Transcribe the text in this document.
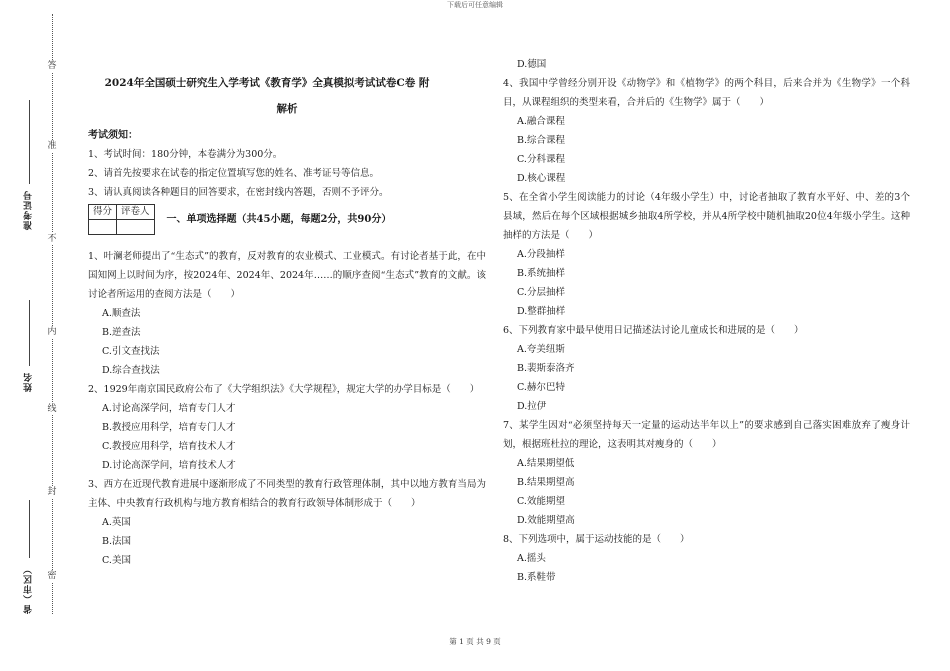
下载后可任意编辑
答
准
不
内
线
封
密
准考证号
姓名
省（市区）
2024年全国硕士研究生入学考试《教育学》全真模拟考试试卷C卷 附
解析
考试须知：
1、考试时间：180分钟，本卷满分为300分。
2、请首先按要求在试卷的指定位置填写您的姓名、准考证号等信息。
3、请认真阅读各种题目的回答要求，在密封线内答题，否则不予评分。
得分	评卷人

一、单项选择题（共45小题，每题2分，共90分）
1、叶澜老师提出了“生态式”的教育，反对教育的农业模式、工业模式。有讨论者基于此，在中国知网上以时间为序，按2024年、2024年、2024年……的顺序查阅“生态式”教育的文献。该讨论者所运用的查阅方法是（　　）
A.顺查法
B.逆查法
C.引文查找法
D.综合查找法
2、1929年南京国民政府公布了《大学组织法》《大学规程》，规定大学的办学目标是（　　）
A.讨论高深学问，培育专门人才
B.教授应用科学，培育专门人才
C.教授应用科学，培育技术人才
D.讨论高深学问，培育技术人才
3、西方在近现代教育进展中逐渐形成了不同类型的教育行政管理体制，其中以地方教育当局为主体、中央教育行政机构与地方教育相结合的教育行政领导体制形成于（　　）
A.英国
B.法国
C.美国
D.德国
4、我国中学曾经分别开设《动物学》和《植物学》的两个科目，后来合并为《生物学》一个科目，从课程组织的类型来看，合并后的《生物学》属于（　　）
A.融合课程
B.综合课程
C.分科课程
D.核心课程
5、在全省小学生阅读能力的讨论（4年级小学生）中，讨论者抽取了教育水平好、中、差的3个县域，然后在每个区域根据城乡抽取4所学校，并从4所学校中随机抽取20位4年级小学生。这种抽样的方法是（　　）
A.分段抽样
B.系统抽样
C.分层抽样
D.整群抽样
6、下列教育家中最早使用日记描述法讨论儿童成长和进展的是（　　）
A.夸美纽斯
B.裴斯泰洛齐
C.赫尔巴特
D.拉伊
7、某学生因对“必须坚持每天一定量的运动达半年以上”的要求感到自己落实困难放弃了瘦身计划，根据班杜拉的理论，这表明其对瘦身的（　　）
A.结果期望低
B.结果期望高
C.效能期望
D.效能期望高
8、下列选项中，属于运动技能的是（　　）
A.摇头
B.系鞋带
第 1 页 共 9 页
